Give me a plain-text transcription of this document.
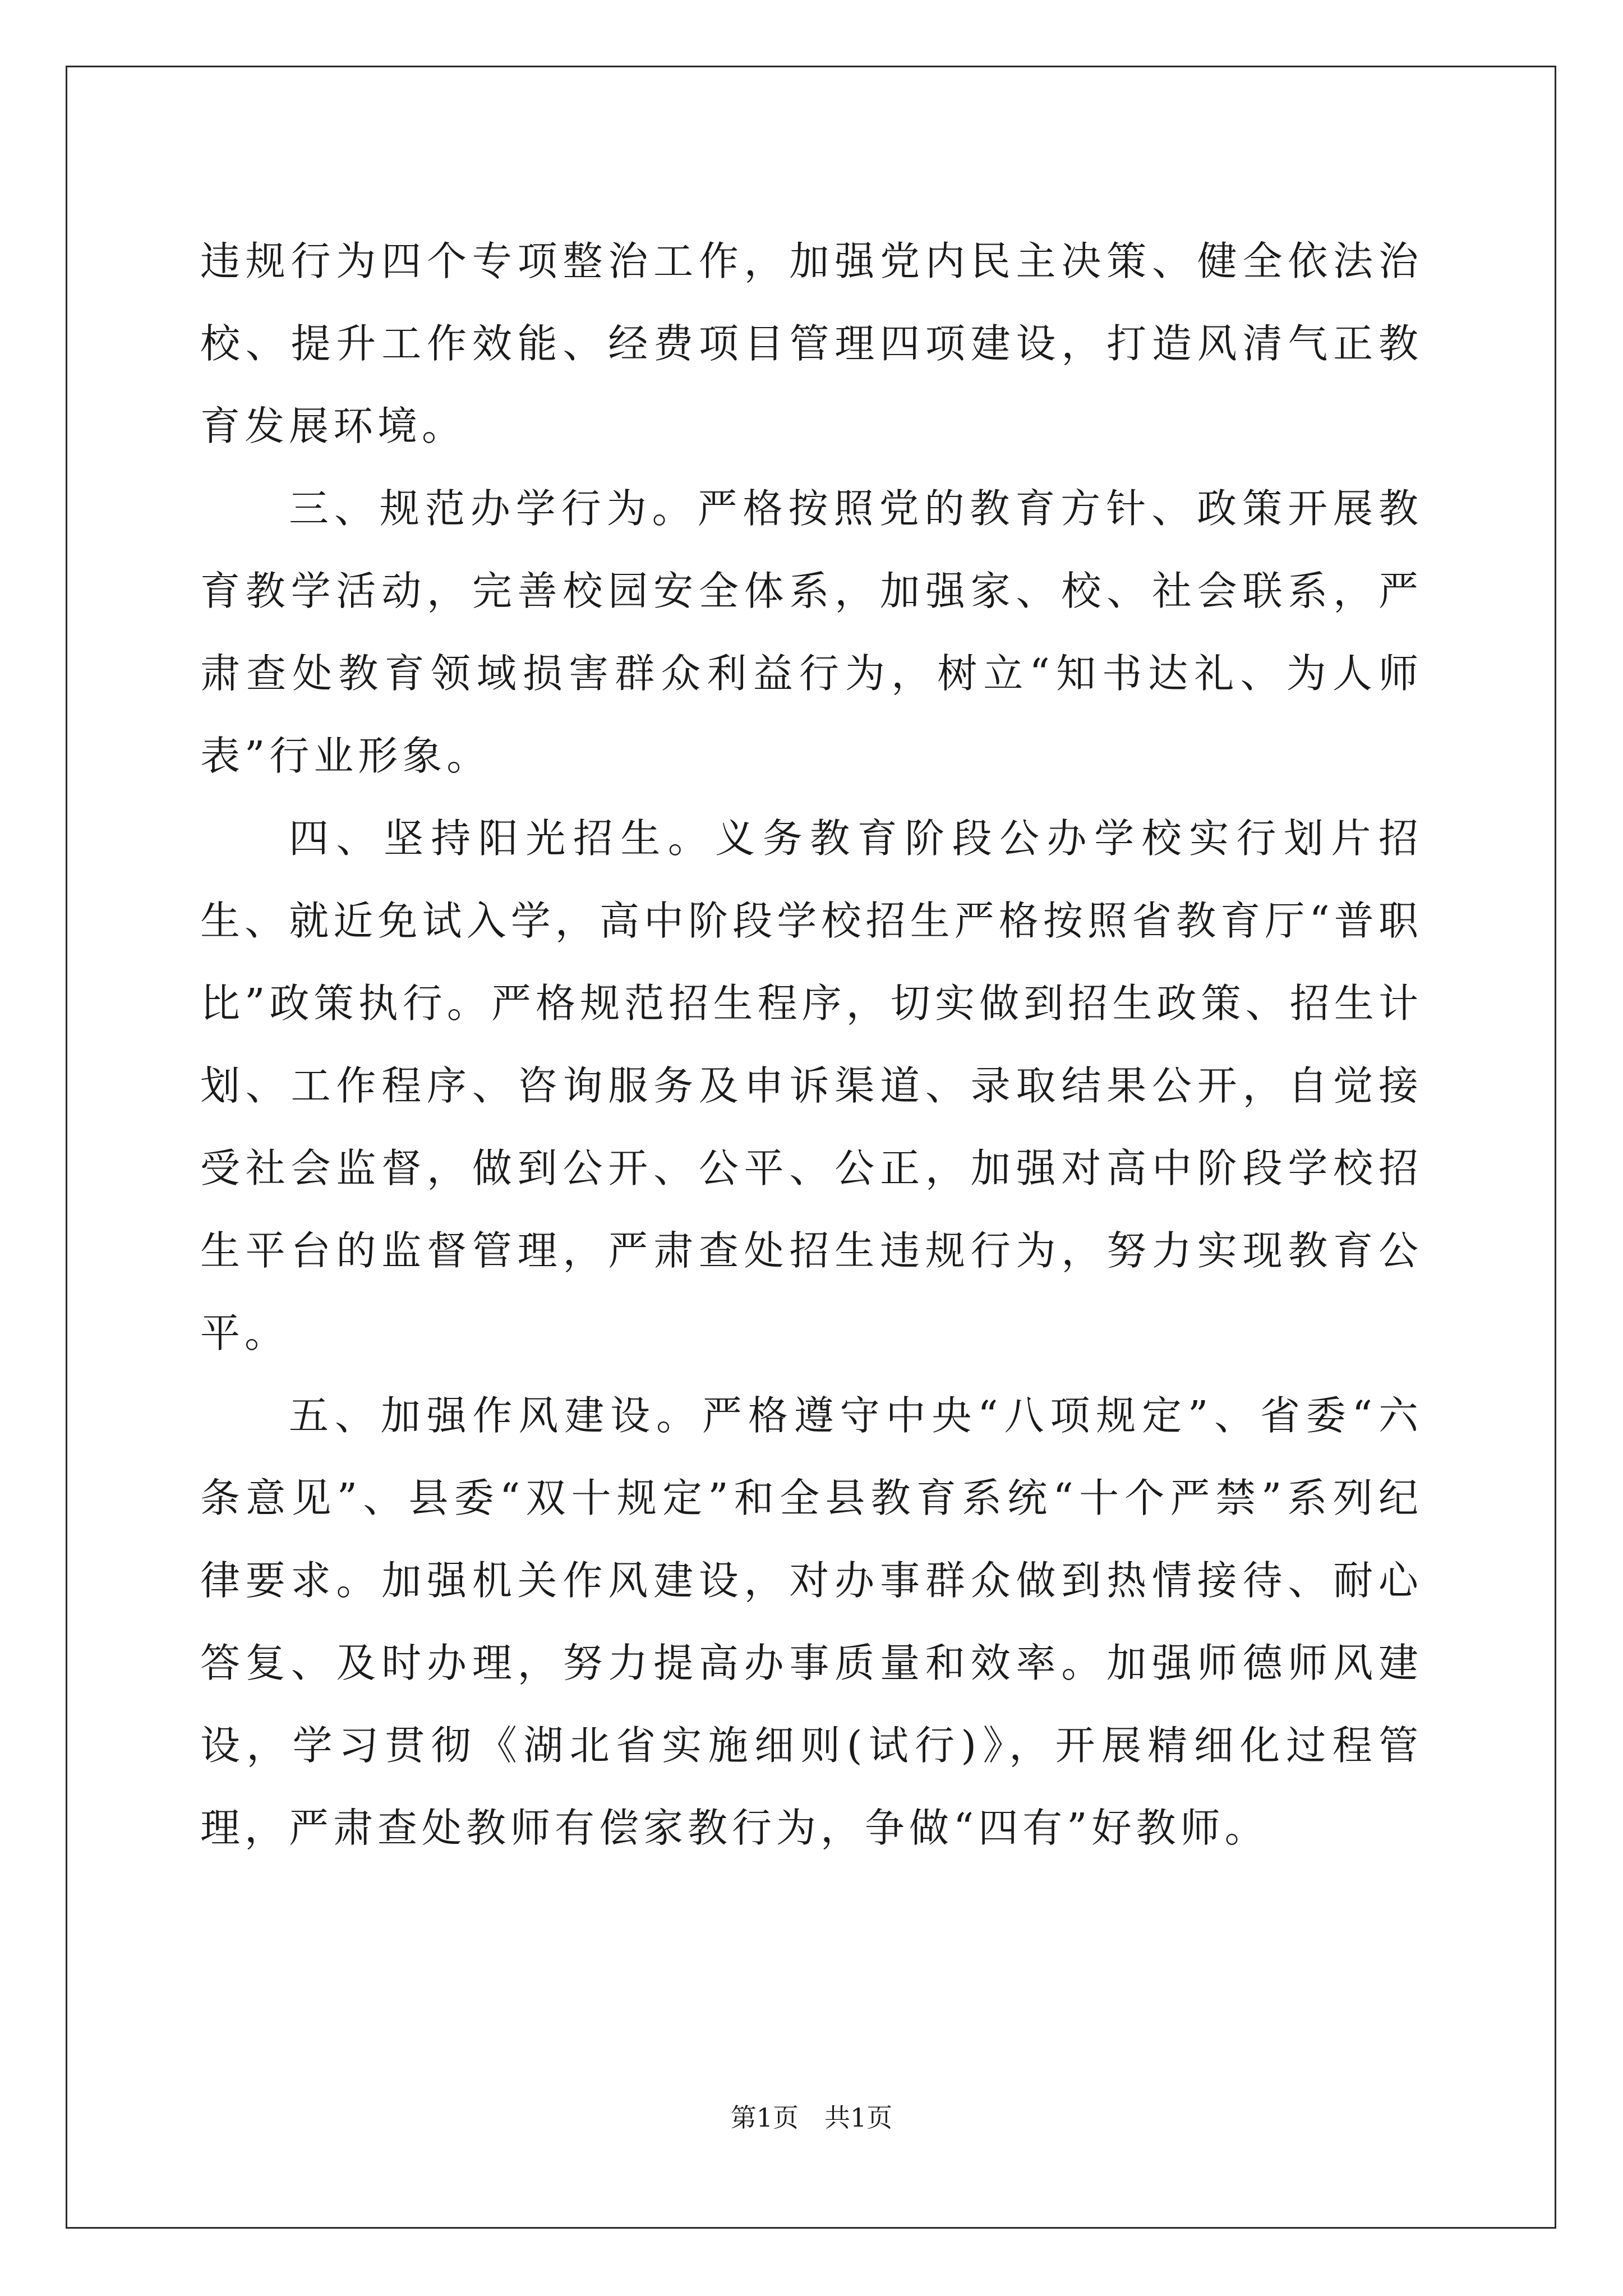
违规行为四个专项整治工作，加强党内民主决策、健全依法治校、提升工作效能、经费项目管理四项建设，打造风清气正教育发展环境。

三、规范办学行为。严格按照党的教育方针、政策开展教育教学活动，完善校园安全体系，加强家、校、社会联系，严肃查处教育领域损害群众利益行为，树立“知书达礼、为人师表”行业形象。

四、坚持阳光招生。义务教育阶段公办学校实行划片招生、就近免试入学，高中阶段学校招生严格按照省教育厅“普职比”政策执行。严格规范招生程序，切实做到招生政策、招生计划、工作程序、咨询服务及申诉渠道、录取结果公开，自觉接受社会监督，做到公开、公平、公正，加强对高中阶段学校招生平台的监督管理，严肃查处招生违规行为，努力实现教育公平。

五、加强作风建设。严格遵守中央“八项规定”、省委“六条意见”、县委“双十规定”和全县教育系统“十个严禁”系列纪律要求。加强机关作风建设，对办事群众做到热情接待、耐心答复、及时办理，努力提高办事质量和效率。加强师德师风建设，学习贯彻《湖北省实施细则(试行)》，开展精细化过程管理，严肃查处教师有偿家教行为，争做“四有”好教师。

第1页　共1页
